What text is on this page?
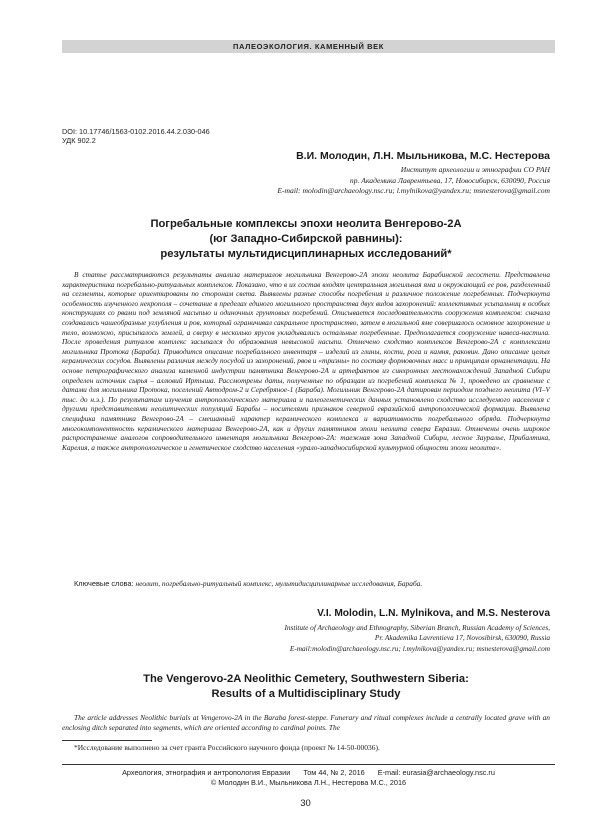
ПАЛЕОЭКОЛОГИЯ. КАМЕННЫЙ ВЕК
DOI: 10.17746/1563-0102.2016.44.2.030-046
УДК 902.2
В.И. Молодин, Л.Н. Мыльникова, М.С. Нестерова
Институт археологии и этнографии СО РАН
пр. Академика Лаврентьева, 17, Новосибирск, 630090, Россия
E-mail: molodin@archaeology.nsc.ru; l.mylnikova@yandex.ru; msnesterova@gmail.com

Погребальные комплексы эпохи неолита Венгерово-2А

(юг Западно-Сибирской равнины):

результаты мультидисциплинарных исследований*

В статье рассматриваются результаты анализа материалов могильника Венгерово-2А эпохи неолита Барабинской лесостепи. Представлена характеристика погребально-ритуальных комплексов. Показано, что в их состав входят центральная могильная яма и окружающий ее ров, разделенный на сегменты, которые ориентированы по сторонам света. Выявлены разные способы погребения и различное положение погребенных. Подчеркнута особенность изученного некрополя – сочетание в пределах единого могильного пространства двух видов захоронений: коллективных усыпальниц в особых конструкциях со рвами под земляной насыпью и одиночных грунтовых погребений. Описывается последовательность сооружения комплексов: сначала создавались чашеобразные углубления и ров, который ограничивал сакральное пространство, затем в могильной яме совершалось основное захоронение и тело, возможно, присыпалось землей, а сверху в несколько ярусов укладывались остальные погребенные. Предполагается сооружение навеса-настила. После проведения ритуалов комплекс засыпался до образования невысокой насыпи. Отмечено сходство комплексов Венгерово-2А с комплексами могильника Протока (Бараба). Приводится описание погребального инвентаря – изделий из глины, кости, рога и камня, раковин. Дано описание целых керамических сосудов. Выявлены различия между посудой из захоронений, рвов и «тризны» по составу формовочных масс и принципам орнаментации. На основе петрографического анализа каменной индустрии памятника Венгерово-2А и артефактов из синхронных местонахождений Западной Сибири определен источник сырья – аллювий Иртыша. Рассмотрены даты, полученные по образцам из погребений комплекса № 1, проведено их сравнение с датами для могильника Протока, поселений Автодром-2 и Серебряное-1 (Бараба). Могильник Венгерово-2А датирован периодом позднего неолита (VI–V тыс. до н.э.). По результатам изучения антропологического материала и палеогенетических данных установлено сходство исследуемого населения с другими представителями неолитических популяций Барабы – носителями признаков северной евразийской антропологической формации. Выявлена специфика памятника Венгерово-2А – смешанный характер керамического комплекса и вариативность погребального обряда. Подчеркнута многокомпонентность керамического материала Венгерово-2А, как и других памятников эпохи неолита севера Евразии. Отмечены очень широкое распространение аналогов сопроводительного инвентаря могильника Венгерово-2А: таежная зона Западной Сибири, лесное Зауралье, Прибалтика, Карелия, а также антропологическое и генетическое сходство населения «урало-западносибирской культурной общности эпохи неолита».

Ключевые слова: неолит, погребально-ритуальный комплекс, мультидисциплинарные исследования, Бараба.
V.I. Molodin, L.N. Mylnikova, and M.S. Nesterova
Institute of Archaeology and Ethnography, Siberian Branch, Russian Academy of Sciences,
Pr. Akademika Lavrentieva 17, Novosibirsk, 630090, Russia
E-mail:molodin@archaeology.nsc.ru; l.mylnikova@yandex.ru; msnesterova@gmail.com

The Vengerovo-2A Neolithic Cemetery, Southwestern Siberia:

Results of a Multidisciplinary Study

The article addresses Neolithic burials at Vengerovo-2A in the Baraba forest-steppe. Funerary and ritual complexes include a centrally located grave with an enclosing ditch separated into segments, which are oriented according to cardinal points. The

*Исследование выполнено за счет гранта Российского научного фонда (проект № 14-50-00036).
Археология, этнография и антропология Евразии Том 44, № 2, 2016 E-mail: eurasia@archaeology.nsc.ru
© Молодин В.И., Мыльникова Л.Н., Нестерова М.С., 2016
30
